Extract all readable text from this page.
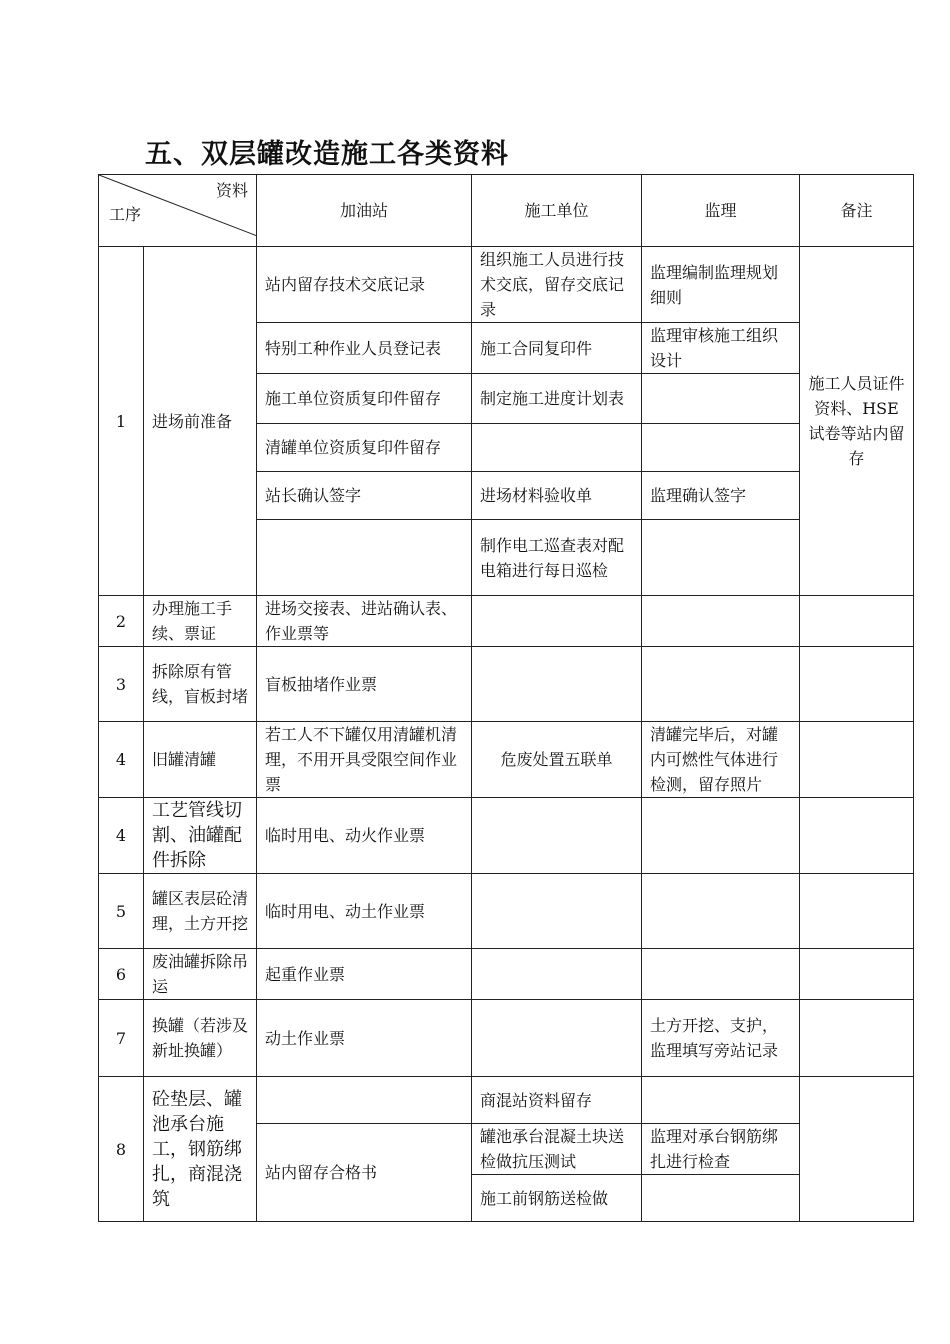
五、双层罐改造施工各类资料
资料
工序		加油站	施工单位	监理	备注
1	进场前准备	站内留存技术交底记录	组织施工人员进行技术交底，留存交底记录	监理编制监理规划细则	施工人员证件资料、HSE试卷等站内留存
		特别工种作业人员登记表	施工合同复印件	监理审核施工组织设计	
		施工单位资质复印件留存	制定施工进度计划表		
		清罐单位资质复印件留存			
		站长确认签字	进场材料验收单	监理确认签字	
			制作电工巡查表对配电箱进行每日巡检		
2	办理施工手续、票证	进场交接表、进站确认表、作业票等			
3	拆除原有管线，盲板封堵	盲板抽堵作业票			
4	旧罐清罐	若工人不下罐仅用清罐机清理，不用开具受限空间作业票	危废处置五联单	清罐完毕后，对罐内可燃性气体进行检测，留存照片	
4	工艺管线切割、油罐配件拆除	临时用电、动火作业票			
5	罐区表层砼清理，土方开挖	临时用电、动土作业票			
6	废油罐拆除吊运	起重作业票			
7	换罐（若涉及新址换罐）	动土作业票		土方开挖、支护，监理填写旁站记录	
8	砼垫层、罐池承台施工，钢筋绑扎，商混浇筑		商混站资料留存		
		站内留存合格书	罐池承台混凝土块送检做抗压测试	监理对承台钢筋绑扎进行检查	
			施工前钢筋送检做		
